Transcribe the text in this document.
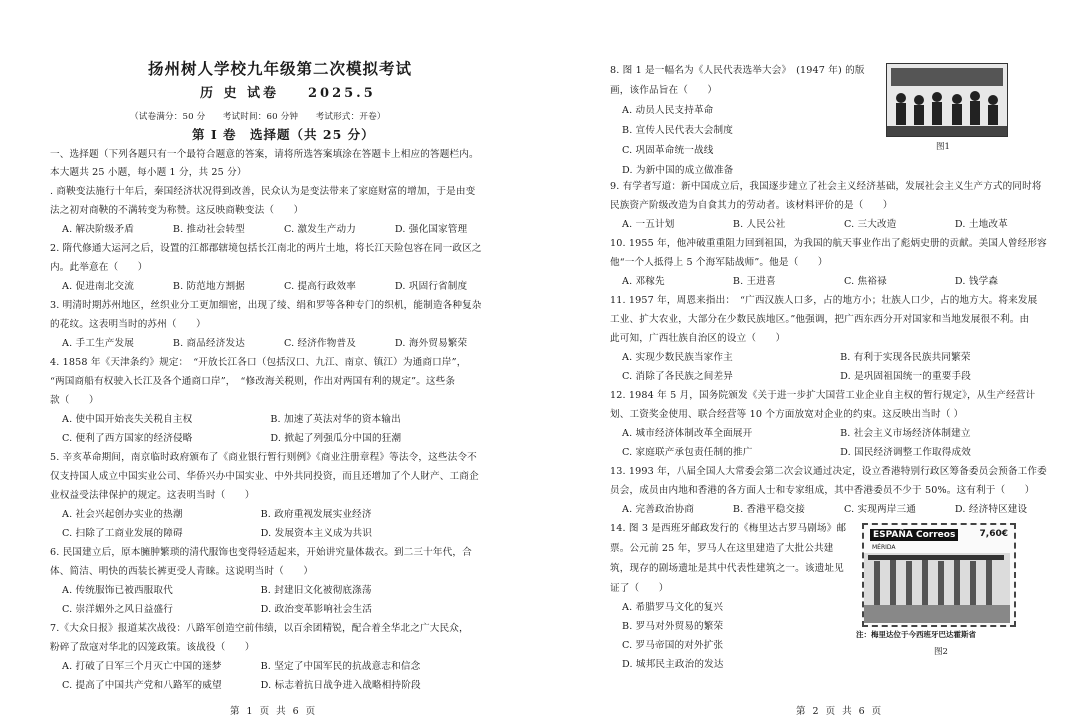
扬州树人学校九年级第二次模拟考试
历 史 试卷 2025.5
（试卷满分：50 分　　考试时间：60 分钟　　考试形式：开卷）
第 Ⅰ 卷　选择题（共 25 分）
一、选择题（下列各题只有一个最符合题意的答案，请将所选答案填涂在答题卡上相应的答题栏内。
本大题共 25 小题，每小题 1 分，共 25 分）
. 商鞅变法施行十年后，秦国经济状况得到改善，民众认为是变法带来了家庭财富的增加，于是由变
法之初对商鞅的不满转变为称赞。这反映商鞅变法（　　）
A. 解决阶级矛盾　　　　B. 推动社会转型　　　　C. 激发生产动力　　　　D. 强化国家管理
2. 隋代修通大运河之后，设置的江都郡辖境包括长江南北的两片土地，将长江天险包容在同一政区之
内。此举意在（　　）
A. 促进南北交流　　　　B. 防范地方割据　　　　C. 提高行政效率　　　　D. 巩固行省制度
3. 明清时期苏州地区，丝织业分工更加细密，出现了绫、绢和罗等各种专门的织机，能制造各种复杂
的花纹。这表明当时的苏州（　　）
A. 手工生产发展　　　　B. 商品经济发达　　　　C. 经济作物普及　　　　D. 海外贸易繁荣
4. 1858 年《天津条约》规定：　“开放长江各口（包括汉口、九江、南京、镇江）为通商口岸”，
“两国商船有权驶入长江及各个通商口岸”，　“修改海关税则，作出对两国有利的规定”。这些条
款（　　）
A. 使中国开始丧失关税自主权　　　　　　　　B. 加速了英法对华的资本输出
C. 便利了西方国家的经济侵略　　　　　　　　D. 掀起了列强瓜分中国的狂潮
5. 辛亥革命期间，南京临时政府颁布了《商业银行暂行则例》《商业注册章程》等法令，这些法令不
仅支持国人成立中国实业公司、华侨兴办中国实业、中外共同投资，而且还增加了个人財产、工商企
业权益受法律保护的规定。这表明当时（　　）
A. 社会兴起创办实业的热潮　　　　　　　　B. 政府重视发展实业经济
C. 扫除了工商业发展的障碍　　　　　　　　D. 发展资本主义成为共识
6. 民国建立后，原本臃肿繁琐的清代服饰也变得轻适起来，开始讲究量体裁衣。到二三十年代，合
体、简洁、明快的西装长裤更受人青睐。这说明当时（　　）
A. 传统服饰已被西服取代　　　　　　　　　B. 封建旧文化被彻底涤荡
C. 崇洋媚外之风日益盛行　　　　　　　　　D. 政治变革影响社会生活
7.《大众日报》报道某次战役：八路军创造空前伟绩，以百余团精锐，配合着全华北之广大民众，
粉碎了敌寇对华北的囚笼政策。该战役（　　）
A. 打破了日军三个月灭亡中国的迷梦　　　　B. 坚定了中国军民的抗战意志和信念
C. 提高了中国共产党和八路军的威望　　　　D. 标志着抗日战争进入战略相持阶段
第 1 页 共 6 页
8. 图 1 是一幅名为《人民代表选举大会》　(1947 年) 的版
画，该作品旨在（　　）
A. 动员人民支持革命
B. 宣传人民代表大会制度
C. 巩固革命统一战线
D. 为新中国的成立做准备
图1
9. 有学者写道：新中国成立后，我国逐步建立了社会主义经济基础，发展社会主义生产方式的同时将
民族资产阶级改造为自食其力的劳动者。该材料评价的是（　　）
A. 一五计划　　　　　　B. 人民公社　　　　　　C. 三大改造　　　　　　D. 土地改革
10. 1955 年，他冲破重重阻力回到祖国，为我国的航天事业作出了彪炳史册的贡献。美国人曾经形容
他“一个人抵得上 5 个海军陆战师”。他是（　　）
A. 邓稼先　　　　　　　B. 王进喜　　　　　　　C. 焦裕禄　　　　　　　D. 钱学森
11. 1957 年，周恩来指出：　“广西汉族人口多，占的地方小；壮族人口少，占的地方大。将来发展
工业、扩大农业，大部分在少数民族地区。”他强调，把广西东西分开对国家和当地发展很不利。由
此可知，广西壮族自治区的设立（　　）
A. 实现少数民族当家作主　　　　　　　　　　　B. 有利于实现各民族共同繁荣
C. 消除了各民族之间差异　　　　　　　　　　　D. 是巩固祖国统一的重要手段
12. 1984 年 5 月，国务院颁发《关于进一步扩大国营工业企业自主权的暂行规定》，从生产经营计
划、工资奖金使用、联合经营等 10 个方面放宽对企业的约束。这反映出当时（ ）
A. 城市经济体制改革全面展开　　　　　　　　　B. 社会主义市场经济体制建立
C. 家庭联产承包责任制的推广　　　　　　　　　D. 国民经济调整工作取得成效
13. 1993 年，八届全国人大常委会第二次会议通过决定，设立香港特别行政区筹备委员会预备工作委
员会，成员由内地和香港的各方面人士和专家组成，其中香港委员不少于 50%。这有利于（　　）
A. 完善政治协商　　　　B. 香港平稳交接　　　　C. 实现两岸三通　　　　D. 经济特区建设
14. 图 3 是西班牙邮政发行的《梅里达古罗马剧场》邮
票。公元前 25 年，罗马人在这里建造了大批公共建
筑，现存的剧场遗址是其中代表性建筑之一。该遗址见
证了（　　）
A. 希腊罗马文化的复兴
B. 罗马对外贸易的繁荣
C. 罗马帝国的对外扩张
D. 城邦民主政治的发达
ESPAÑA Correos	7,60€
MÉRIDA
注：梅里达位于今西班牙巴达霍斯省
图2
第 2 页 共 6 页
